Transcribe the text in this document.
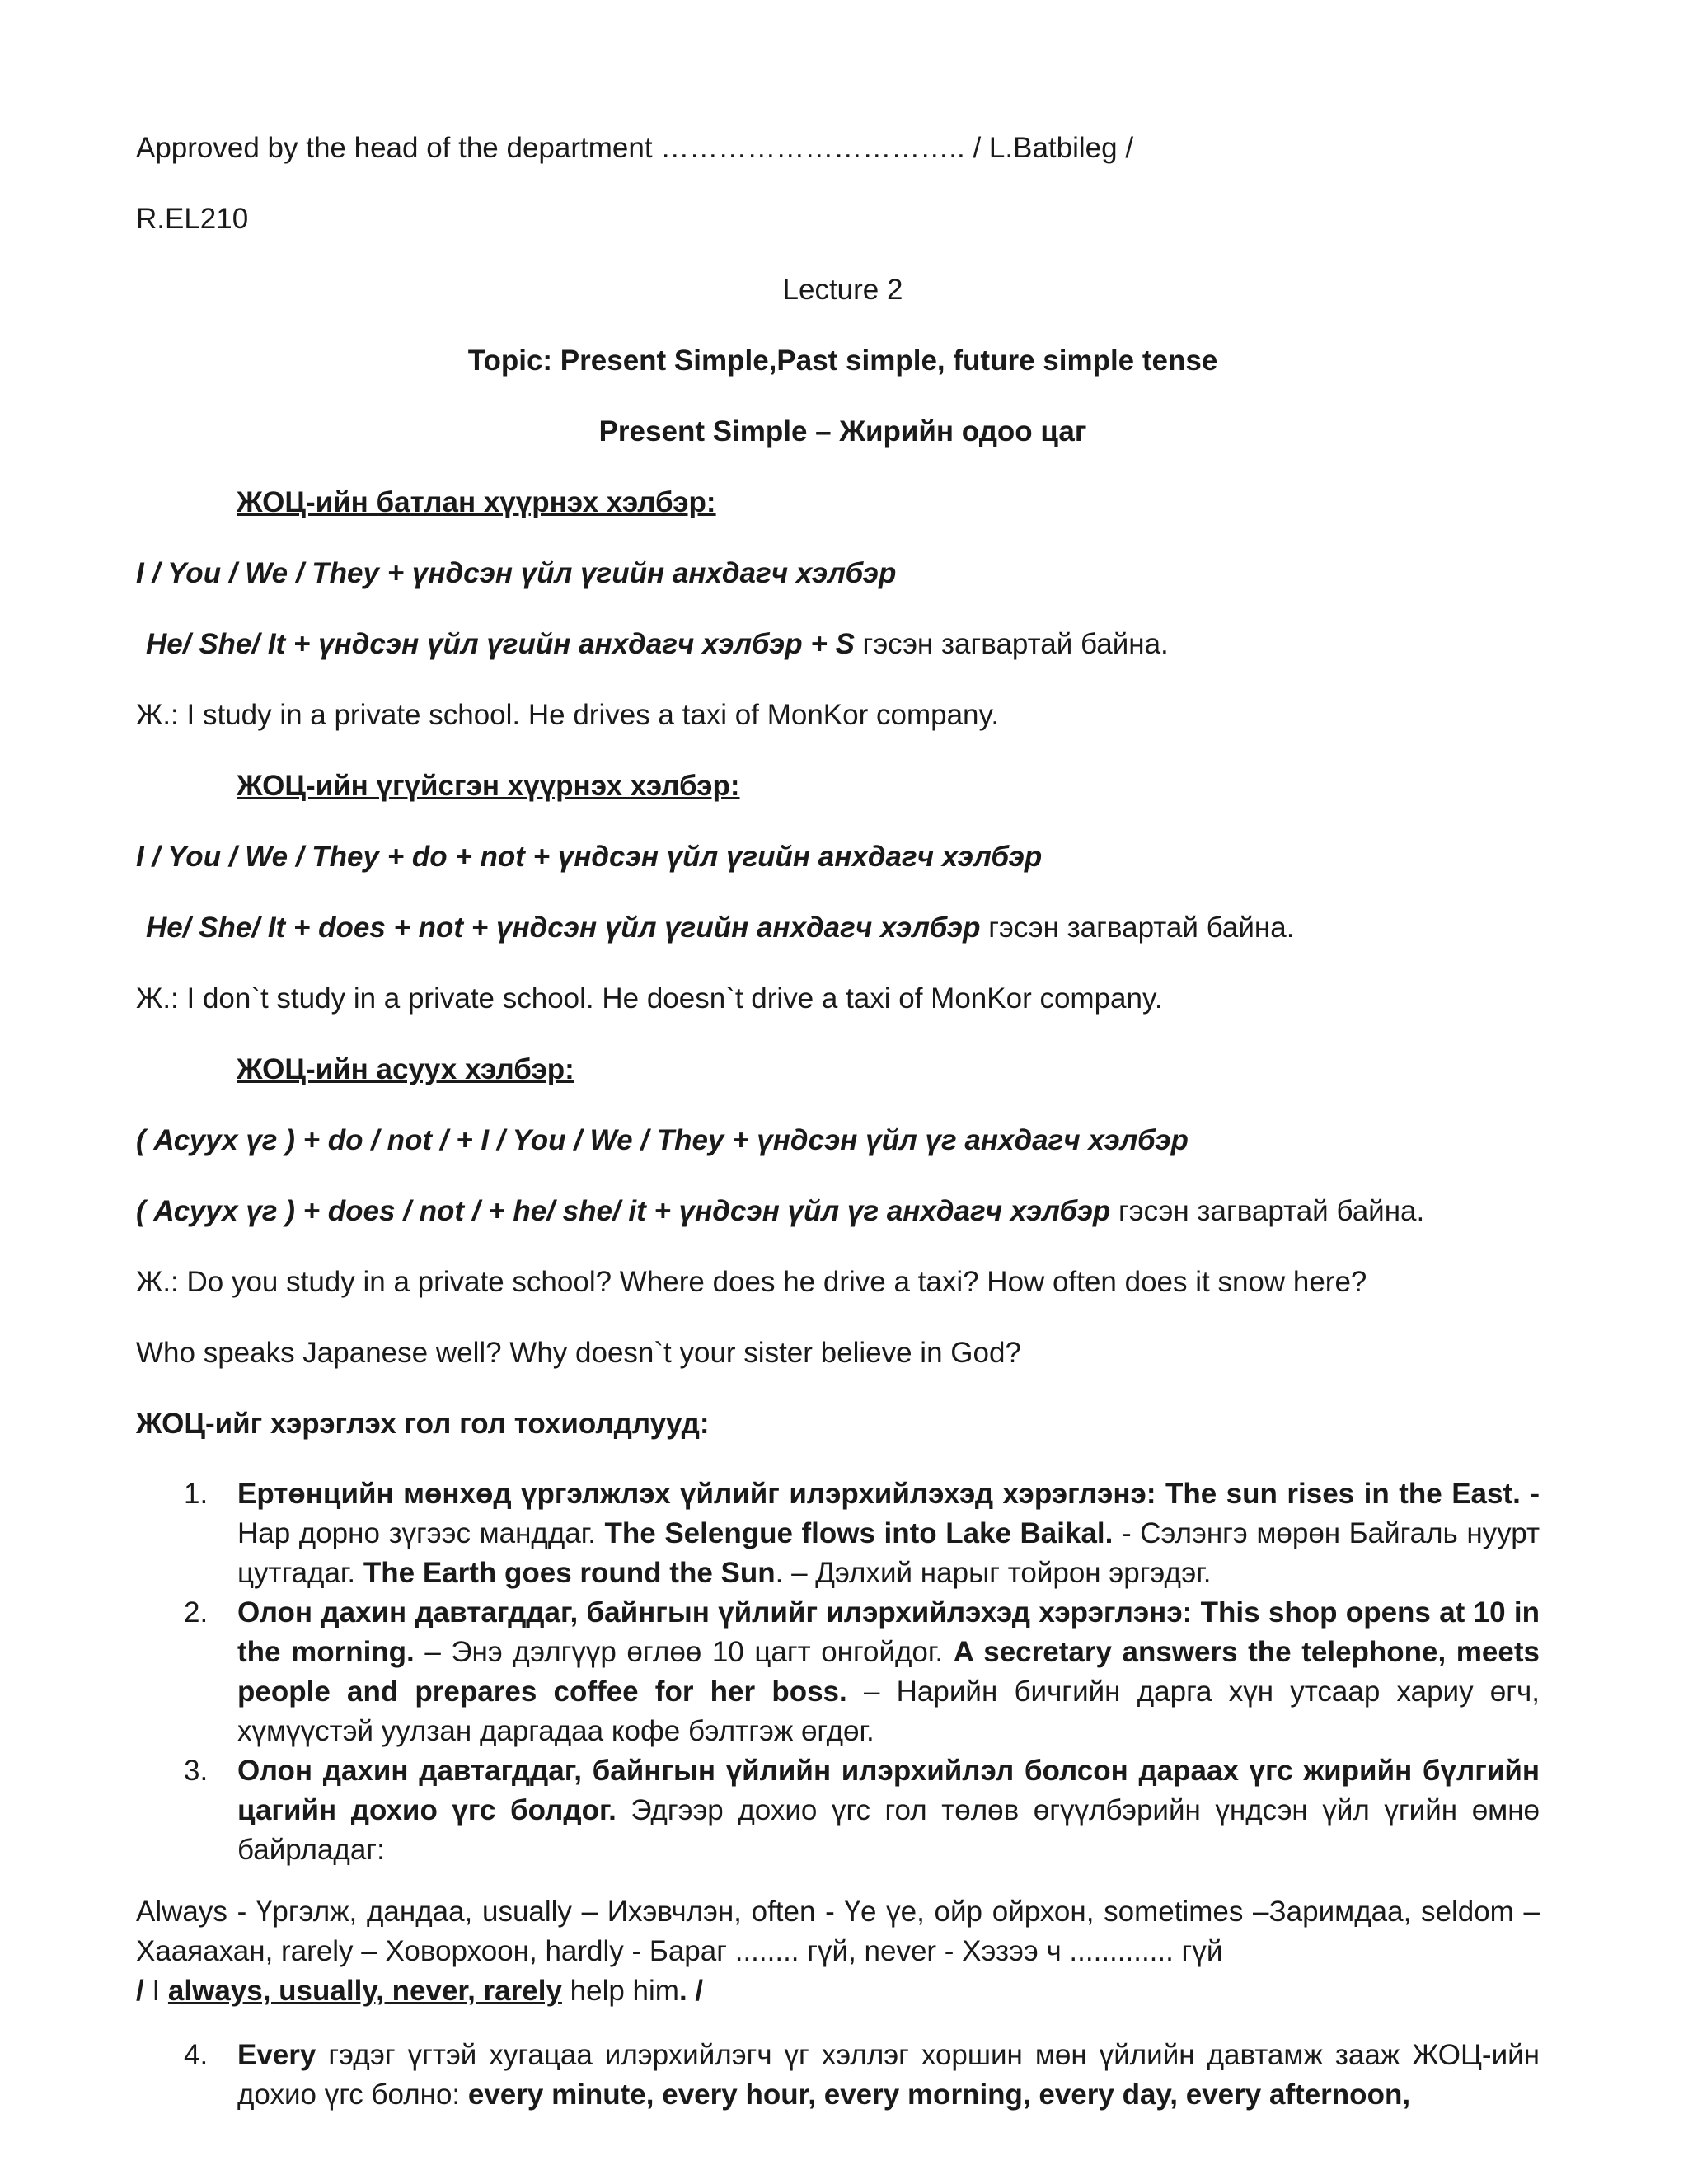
Approved by the head of the department ………………………….. / L.Batbileg /

R.EL210

Lecture 2

Topic: Present Simple,Past simple, future simple tense

Present Simple – Жирийн одоо цаг

ЖОЦ-ийн батлан хүүрнэх хэлбэр:

I / You / We / They + үндсэн үйл үгийн анхдагч хэлбэр

He/ She/ It + үндсэн үйл үгийн анхдагч хэлбэр + S гэсэн загвартай байна.

Ж.: I study in a private school. He drives a taxi of MonKor company.

ЖОЦ-ийн үгүйсгэн хүүрнэх хэлбэр:

I / You / We / They + do + not + үндсэн үйл үгийн анхдагч хэлбэр

He/ She/ It + does + not + үндсэн үйл үгийн анхдагч хэлбэр гэсэн загвартай байна.

Ж.: I don`t study in a private school. He doesn`t drive a taxi of MonKor company.

ЖОЦ-ийн асуух хэлбэр:

( Асуух үг ) + do / not / + I / You / We / They + үндсэн үйл үг анхдагч хэлбэр

( Асуух үг ) + does / not / + he/ she/ it + үндсэн үйл үг анхдагч хэлбэр гэсэн загвартай байна.

Ж.: Do you study in a private school? Where does he drive a taxi? How often does it snow here?

Who speaks Japanese well? Why doesn`t your sister believe in God?

ЖОЦ-ийг хэрэглэх гол гол тохиолдлууд:

1. Ертөнцийн мөнхөд үргэлжлэх үйлийг илэрхийлэхэд хэрэглэнэ: The sun rises in the East. - Нар дорно зүгээс манддаг. The Selengue flows into Lake Baikal. - Сэлэнгэ мөрөн Байгаль нуурт цутгадаг. The Earth goes round the Sun. – Дэлхий нарыг тойрон эргэдэг.
2. Олон дахин давтагддаг, байнгын үйлийг илэрхийлэхэд хэрэглэнэ: This shop opens at 10 in the morning. – Энэ дэлгүүр өглөө 10 цагт онгойдог. A secretary answers the telephone, meets people and prepares coffee for her boss. – Нарийн бичгийн дарга хүн утсаар хариу өгч, хүмүүстэй уулзан даргадаа кофе бэлтгэж өгдөг.
3. Олон дахин давтагддаг, байнгын үйлийн илэрхийлэл болсон дараах үгс жирийн бүлгийн цагийн дохио үгс болдог. Эдгээр дохио үгс гол төлөв өгүүлбэрийн үндсэн үйл үгийн өмнө байрладаг:

Always - Үргэлж, дандаа, usually – Ихэвчлэн, often - Үе үе, ойр ойрхон, sometimes –Заримдаа, seldom – Хааяахан, rarely – Ховорхоон, hardly - Бараг ........ гүй, never - Хэзээ ч ............. гүй
/ I always, usually, never, rarely help him. /

4. Every гэдэг үгтэй хугацаа илэрхийлэгч үг хэллэг хоршин мөн үйлийн давтамж зааж ЖОЦ-ийн дохио үгс болно: every minute, every hour, every morning, every day, every afternoon,
